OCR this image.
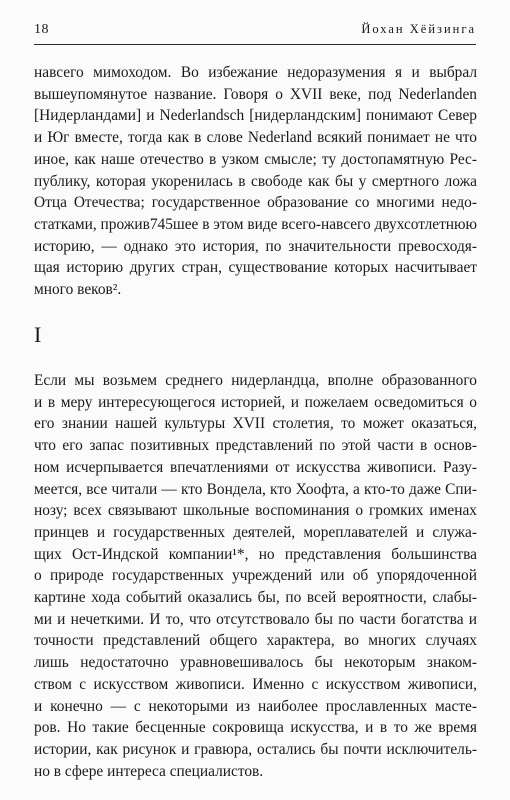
18	Йохан Хёйзинга

навсего мимоходом. Во избежание недоразумения я и выбрал
вышеупомянутое название. Говоря о XVII веке, под Nederlanden
[Нидерландами] и Nederlandsch [нидерландским] понимают Север
и Юг вместе, тогда как в слове Nederland всякий понимает не что
иное, как наше отечество в узком смысле; ту достопамятную Рес-
публику, которая укоренилась в свободе как бы у смертного ложа
Отца Отечества; государственное образование со многими недо-
статками, прожив745шее в этом виде всего-навсего двухсотлетнюю
историю, — однако это история, по значительности превосходя-
щая историю других стран, существование которых насчитывает
много веков².

I

Если мы возьмем среднего нидерландца, вполне образованного
и в меру интересующегося историей, и пожелаем осведомиться о
его знании нашей культуры XVII столетия, то может оказаться,
что его запас позитивных представлений по этой части в основ-
ном исчерпывается впечатлениями от искусства живописи. Разу-
меется, все читали — кто Вондела, кто Хоофта, а кто-то даже Спи-
нозу; всех связывают школьные воспоминания о громких именах
принцев и государственных деятелей, мореплавателей и служа-
щих Ост-Индской компании¹*, но представления большинства
о природе государственных учреждений или об упорядоченной
картине хода событий оказались бы, по всей вероятности, слабы-
ми и нечеткими. И то, что отсутствовало бы по части богатства и
точности представлений общего характера, во многих случаях
лишь недостаточно уравновешивалось бы некоторым знаком-
ством с искусством живописи. Именно с искусством живописи,
и конечно — с некоторыми из наиболее прославленных масте-
ров. Но такие бесценные сокровища искусства, и в то же время
истории, как рисунок и гравюра, остались бы почти исключитель-
но в сфере интереса специалистов.
